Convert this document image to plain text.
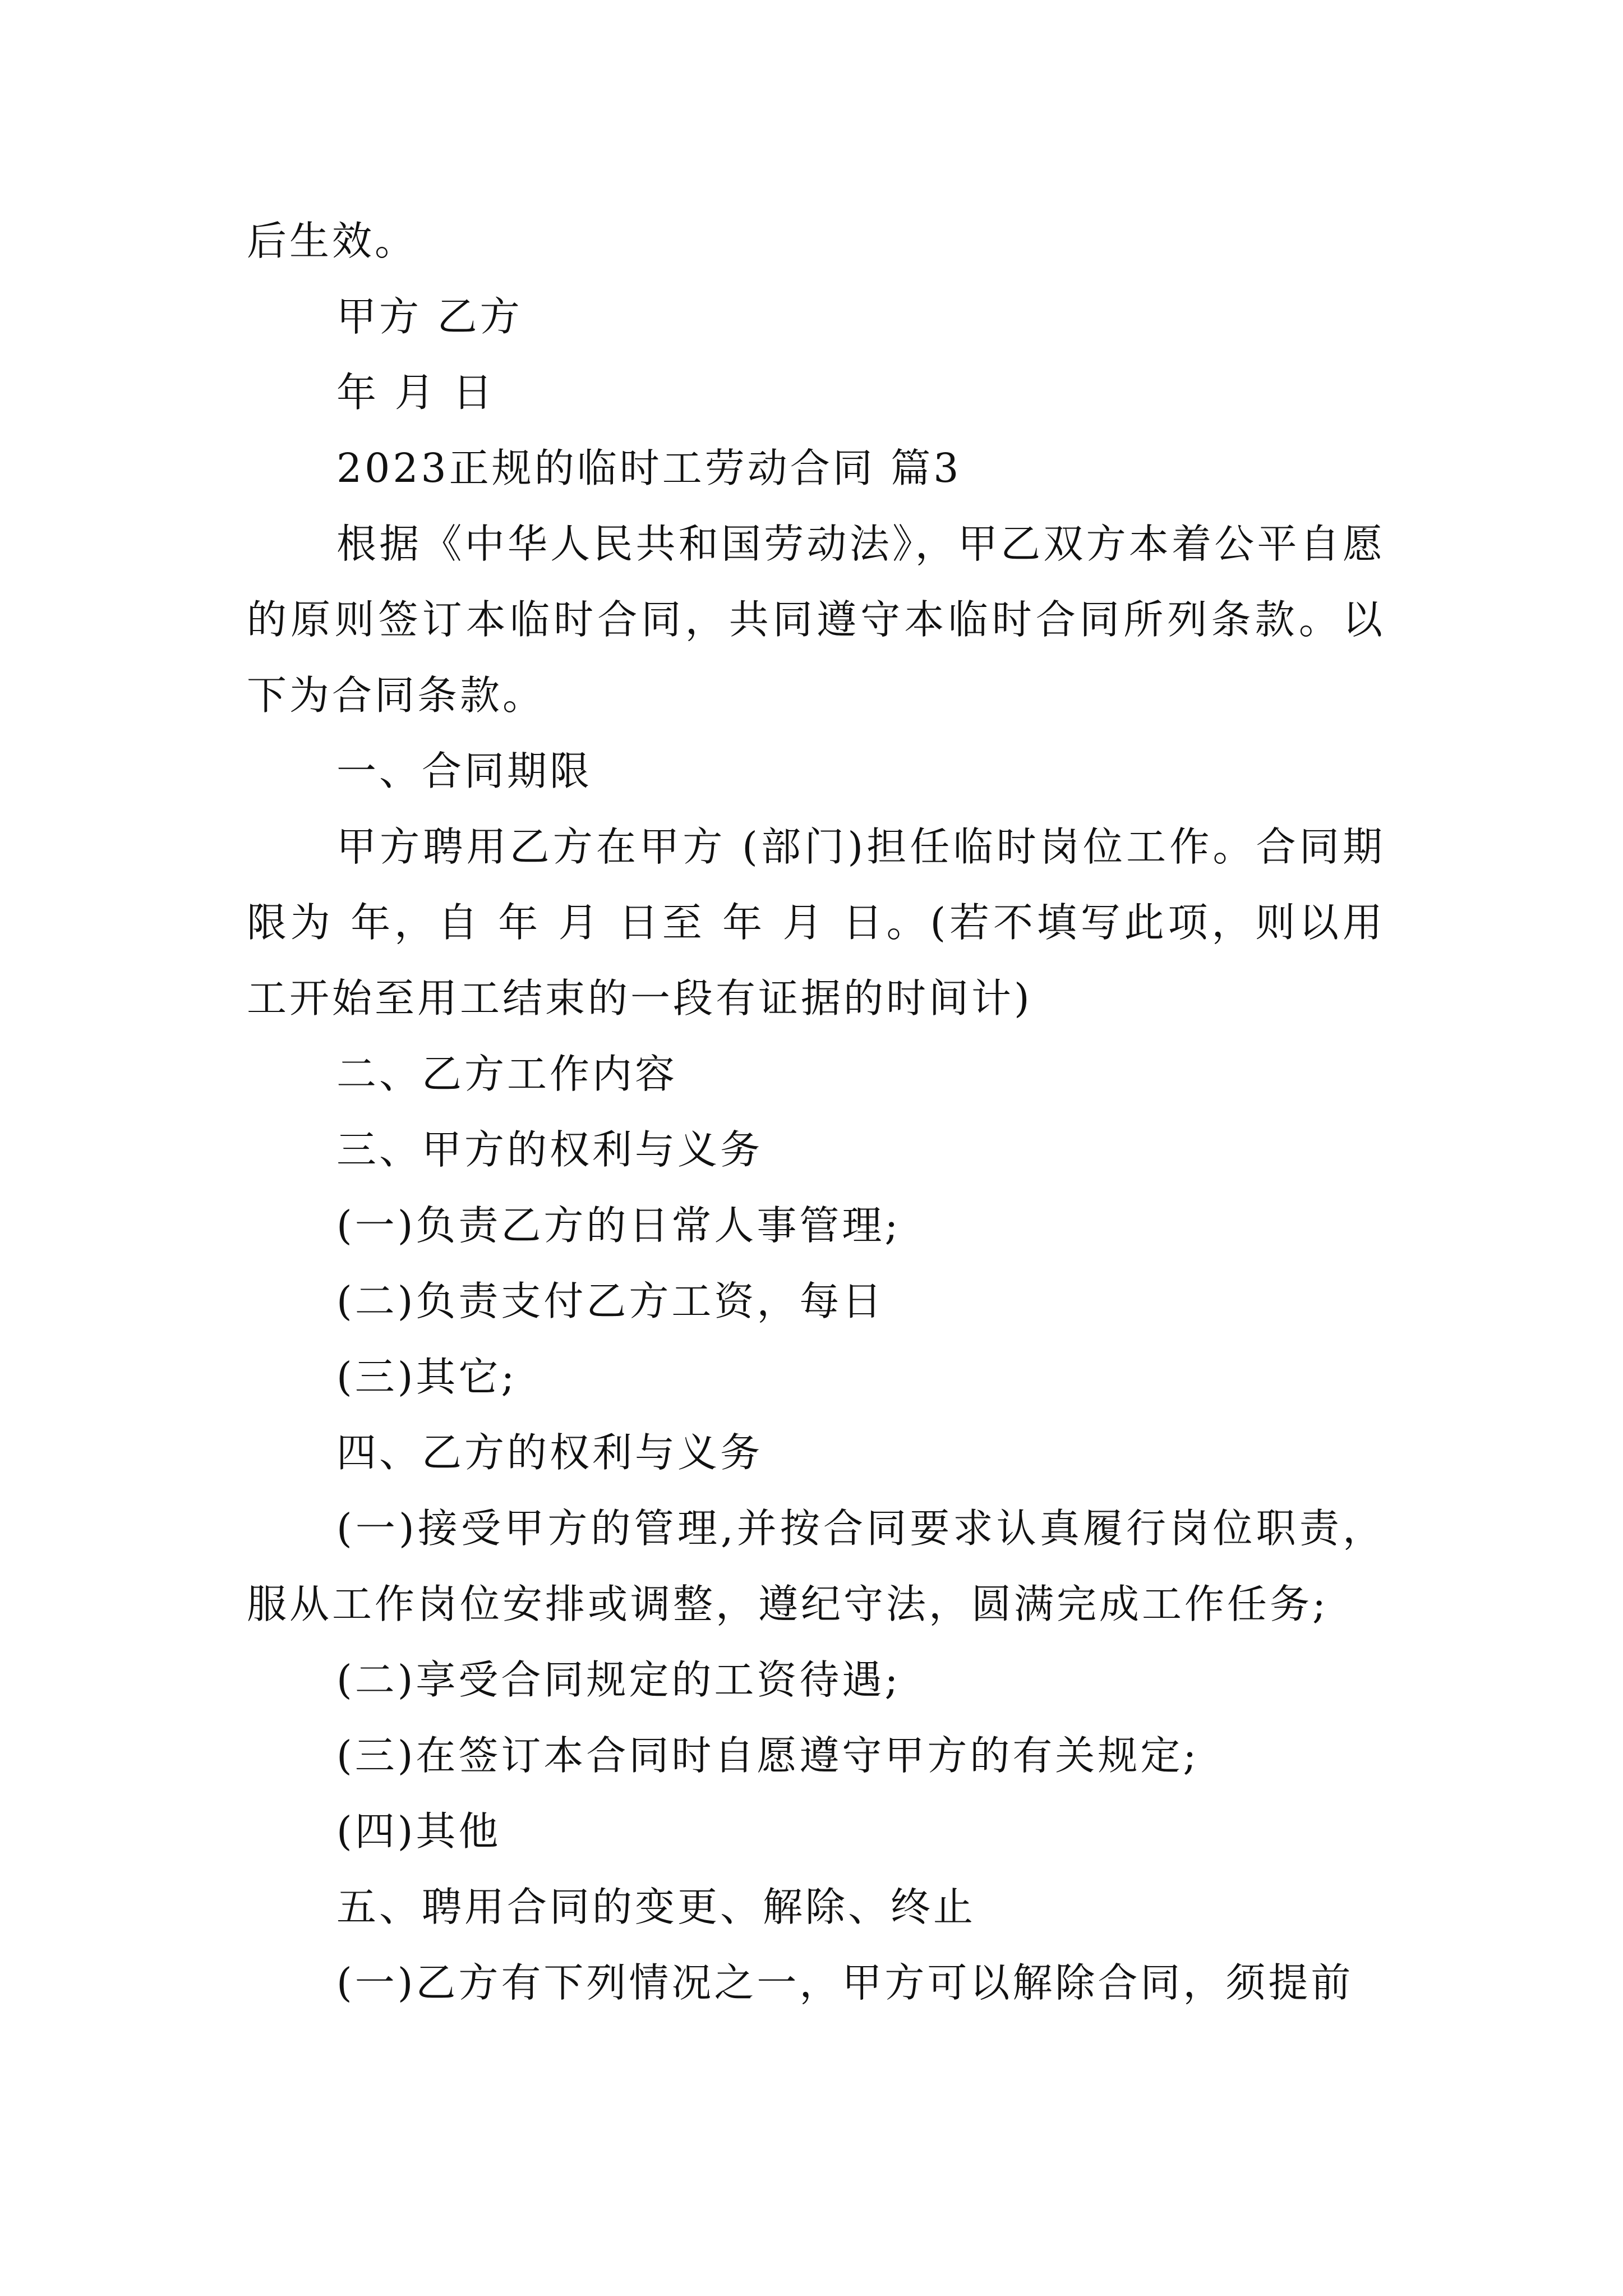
后生效。

甲方 乙方

年 月 日

2023正规的临时工劳动合同 篇3

根据《中华人民共和国劳动法》，甲乙双方本着公平自愿的原则签订本临时合同，共同遵守本临时合同所列条款。以下为合同条款。

一、合同期限

甲方聘用乙方在甲方 (部门)担任临时岗位工作。合同期限为 年，自 年 月 日至 年 月 日。(若不填写此项，则以用工开始至用工结束的一段有证据的时间计)

二、乙方工作内容

三、甲方的权利与义务

(一)负责乙方的日常人事管理;

(二)负责支付乙方工资，每日

(三)其它;

四、乙方的权利与义务

(一)接受甲方的管理,并按合同要求认真履行岗位职责，服从工作岗位安排或调整，遵纪守法，圆满完成工作任务;

(二)享受合同规定的工资待遇;

(三)在签订本合同时自愿遵守甲方的有关规定;

(四)其他

五、聘用合同的变更、解除、终止

(一)乙方有下列情况之一，甲方可以解除合同，须提前
